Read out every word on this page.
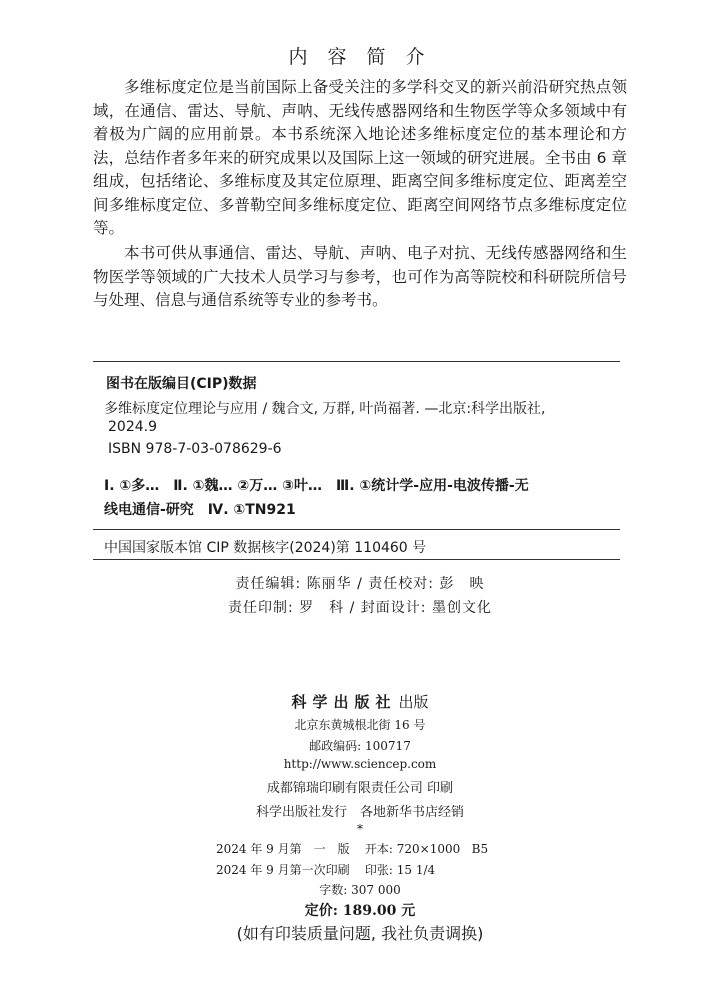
内 容 简 介

多维标度定位是当前国际上备受关注的多学科交叉的新兴前沿研究热点领域，在通信、雷达、导航、声呐、无线传感器网络和生物医学等众多领域中有着极为广阔的应用前景。本书系统深入地论述多维标度定位的基本理论和方法，总结作者多年来的研究成果以及国际上这一领域的研究进展。全书由 6 章组成，包括绪论、多维标度及其定位原理、距离空间多维标度定位、距离差空间多维标度定位、多普勒空间多维标度定位、距离空间网络节点多维标度定位等。

本书可供从事通信、雷达、导航、声呐、电子对抗、无线传感器网络和生物医学等领域的广大技术人员学习与参考，也可作为高等院校和科研院所信号与处理、信息与通信系统等专业的参考书。

图书在版编目(CIP)数据
多维标度定位理论与应用 / 魏合文, 万群, 叶尚福著. —北京:科学出版社,
2024.9
ISBN 978-7-03-078629-6
Ⅰ. ①多…　Ⅱ. ①魏… ②万… ③叶…　Ⅲ. ①统计学-应用-电波传播-无
线电通信-研究　Ⅳ. ①TN921
中国国家版本馆 CIP 数据核字(2024)第 110460 号
责任编辑: 陈丽华 / 责任校对: 彭　映
责任印制: 罗　科 / 封面设计: 墨创文化
科学出版社 出版
北京东黄城根北街 16 号
邮政编码: 100717
http://www.sciencep.com
成都锦瑞印刷有限责任公司 印刷
科学出版社发行　各地新华书店经销
*
2024 年 9 月第　一　版    开本: 720×1000   B5
2024 年 9 月第一次印刷    印张: 15 1/4
字数: 307 000
定价: 189.00 元
(如有印装质量问题, 我社负责调换)
